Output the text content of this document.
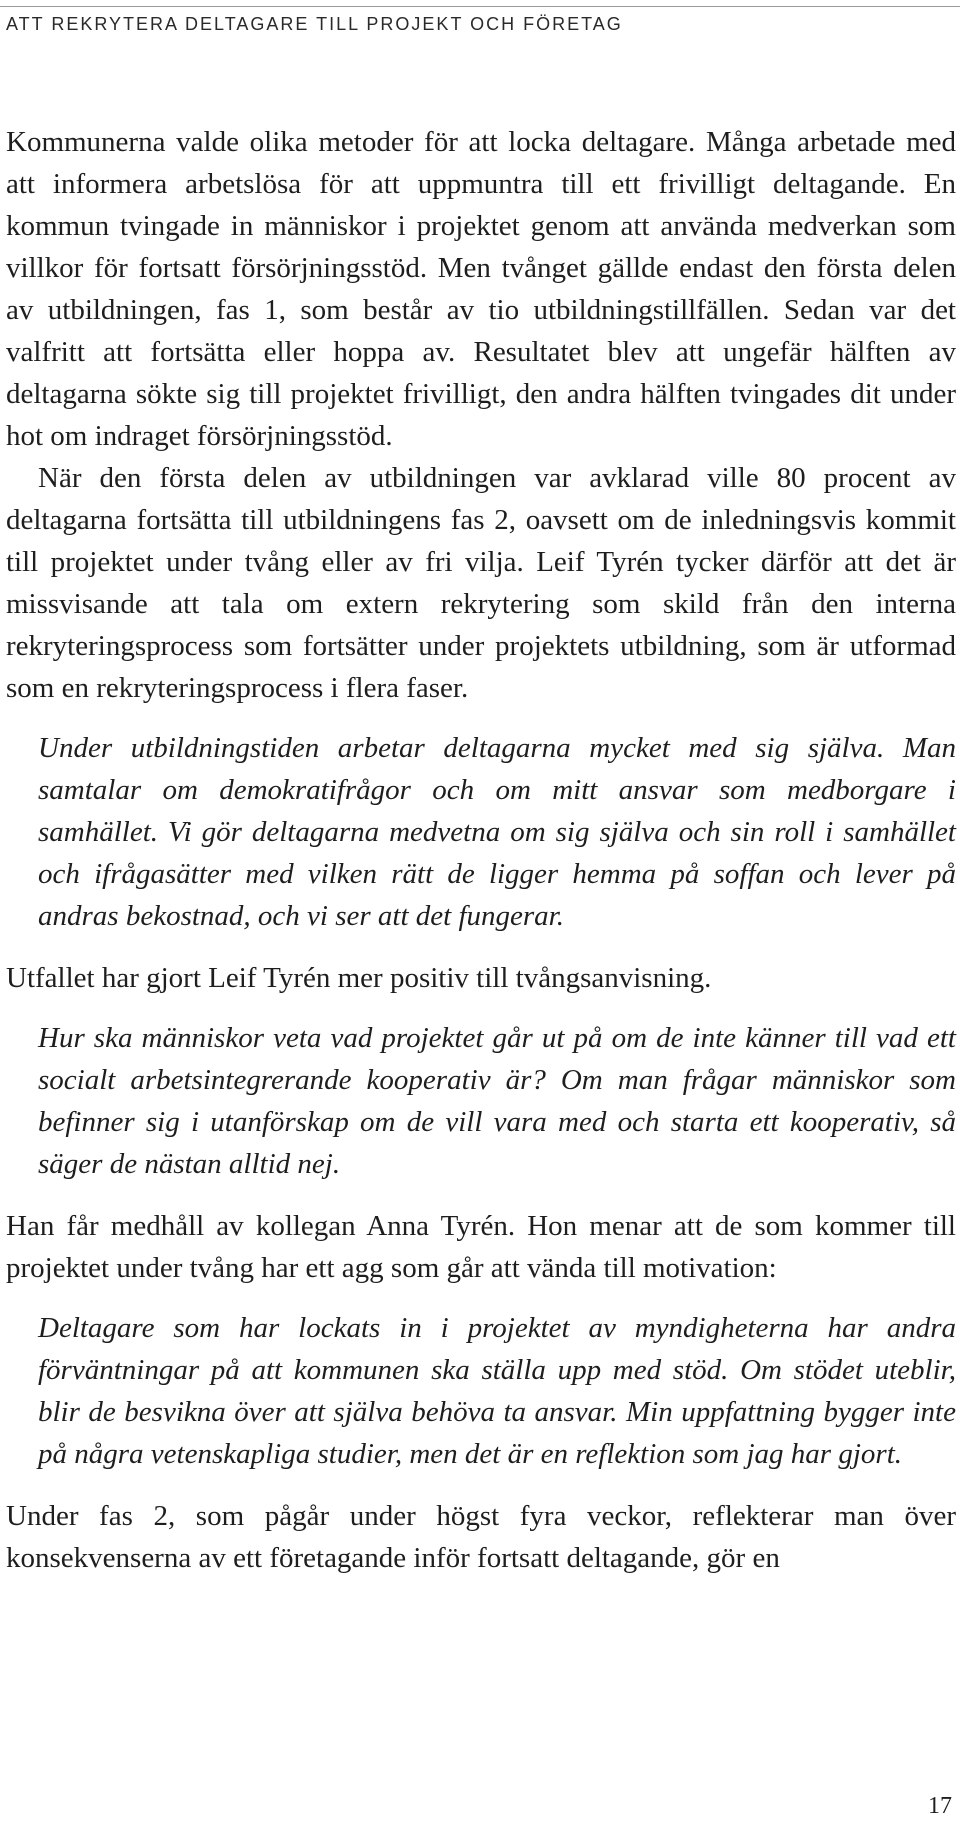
ATT REKRYTERA DELTAGARE TILL PROJEKT OCH FÖRETAG

Kommunerna valde olika metoder för att locka deltagare. Många arbetade med att informera arbetslösa för att uppmuntra till ett frivilligt deltagande. En kommun tvingade in människor i projektet genom att använda medverkan som villkor för fortsatt försörjningsstöd. Men tvånget gällde endast den första delen av utbildningen, fas 1, som består av tio utbildningstillfällen. Sedan var det valfritt att fortsätta eller hoppa av. Resultatet blev att ungefär hälften av deltagarna sökte sig till projektet frivilligt, den andra hälften tvingades dit under hot om indraget försörjningsstöd.

När den första delen av utbildningen var avklarad ville 80 procent av deltagarna fortsätta till utbildningens fas 2, oavsett om de inledningsvis kommit till projektet under tvång eller av fri vilja. Leif Tyrén tycker därför att det är missvisande att tala om extern rekrytering som skild från den interna rekryteringsprocess som fortsätter under projektets utbildning, som är utformad som en rekryteringsprocess i flera faser.

Under utbildningstiden arbetar deltagarna mycket med sig själva. Man samtalar om demokratifrågor och om mitt ansvar som medborgare i samhället. Vi gör deltagarna medvetna om sig själva och sin roll i samhället och ifrågasätter med vilken rätt de ligger hemma på soffan och lever på andras bekostnad, och vi ser att det fungerar.

Utfallet har gjort Leif Tyrén mer positiv till tvångsanvisning.

Hur ska människor veta vad projektet går ut på om de inte känner till vad ett socialt arbetsintegrerande kooperativ är? Om man frågar människor som befinner sig i utanförskap om de vill vara med och starta ett kooperativ, så säger de nästan alltid nej.

Han får medhåll av kollegan Anna Tyrén. Hon menar att de som kommer till projektet under tvång har ett agg som går att vända till motivation:

Deltagare som har lockats in i projektet av myndigheterna har andra förväntningar på att kommunen ska ställa upp med stöd. Om stödet uteblir, blir de besvikna över att själva behöva ta ansvar. Min uppfattning bygger inte på några vetenskapliga studier, men det är en reflektion som jag har gjort.

Under fas 2, som pågår under högst fyra veckor, reflekterar man över konsekvenserna av ett företagande inför fortsatt deltagande, gör en

17
